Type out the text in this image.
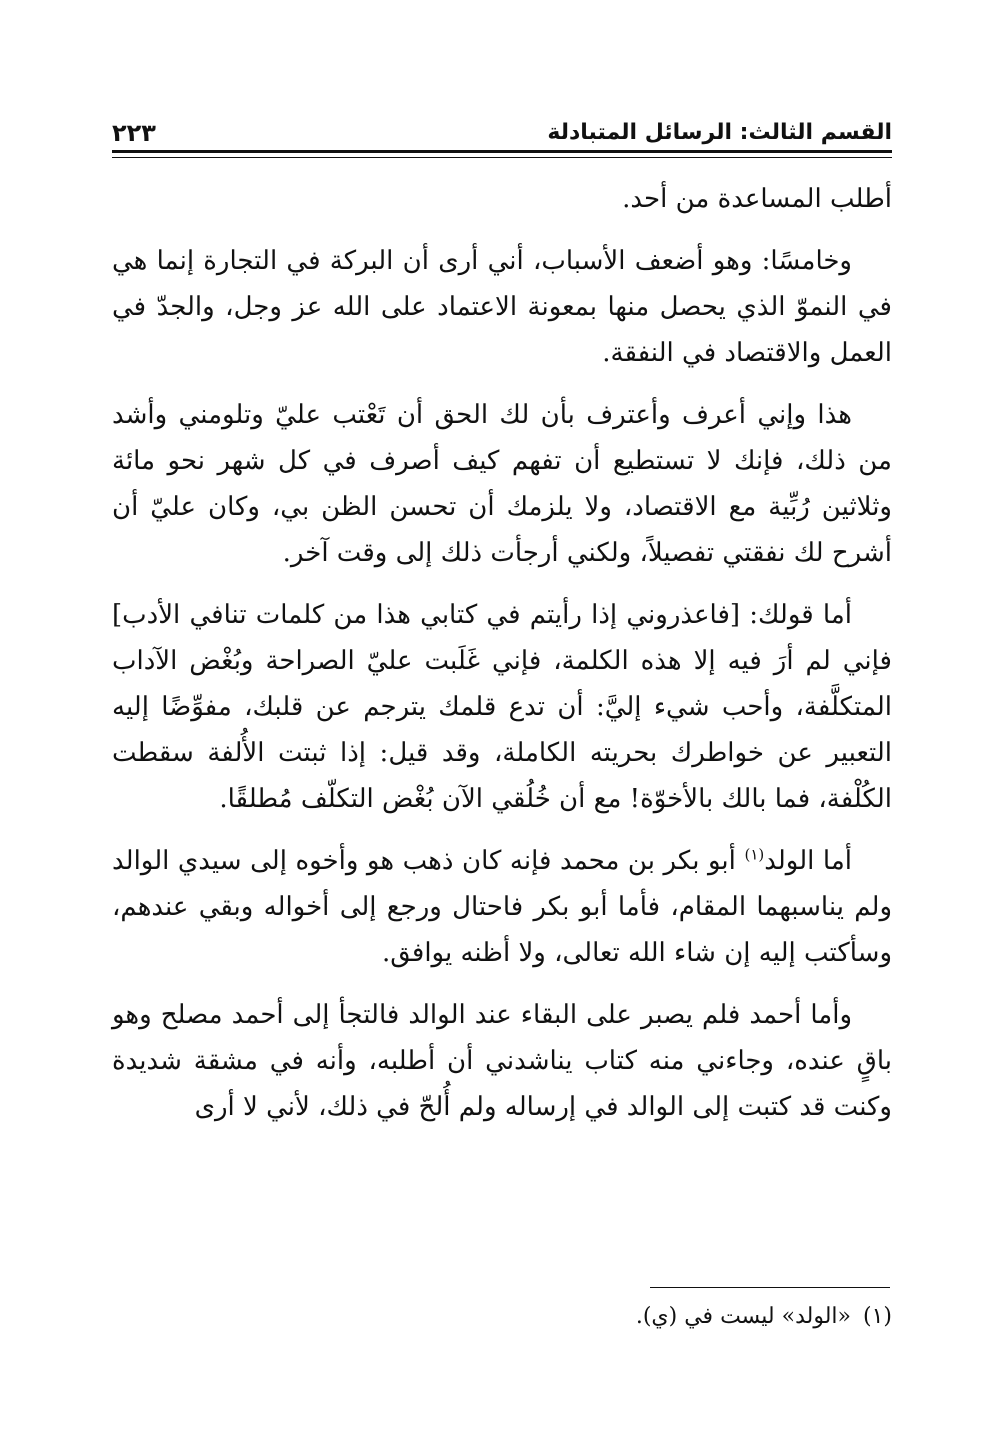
القسم الثالث: الرسائل المتبادلة
٢٢٣

أطلب المساعدة من أحد.

وخامسًا: وهو أضعف الأسباب، أني أرى أن البركة في التجارة إنما هي في النموّ الذي يحصل منها بمعونة الاعتماد على الله عز وجل، والجدّ في العمل والاقتصاد في النفقة.

هذا وإني أعرف وأعترف بأن لك الحق أن تَعْتب عليّ وتلومني وأشد من ذلك، فإنك لا تستطيع أن تفهم كيف أصرف في كل شهر نحو مائة وثلاثين رُبِّية مع الاقتصاد، ولا يلزمك أن تحسن الظن بي، وكان عليّ أن أشرح لك نفقتي تفصيلاً، ولكني أرجأت ذلك إلى وقت آخر.

أما قولك: [فاعذروني إذا رأيتم في كتابي هذا من كلمات تنافي الأدب] فإني لم أرَ فيه إلا هذه الكلمة، فإني غَلَبت عليّ الصراحة وبُغْض الآداب المتكلَّفة، وأحب شيء إليَّ: أن تدع قلمك يترجم عن قلبك، مفوِّضًا إليه التعبير عن خواطرك بحريته الكاملة، وقد قيل: إذا ثبتت الأُلفة سقطت الكُلْفة، فما بالك بالأخوّة! مع أن خُلُقي الآن بُغْض التكلّف مُطلقًا.

أما الولد$^{(١)}$ أبو بكر بن محمد فإنه كان ذهب هو وأخوه إلى سيدي الوالد ولم يناسبهما المقام، فأما أبو بكر فاحتال ورجع إلى أخواله وبقي عندهم، وسأكتب إليه إن شاء الله تعالى، ولا أظنه يوافق.

وأما أحمد فلم يصبر على البقاء عند الوالد فالتجأ إلى أحمد مصلح وهو باقٍ عنده، وجاءني منه كتاب يناشدني أن أطلبه، وأنه في مشقة شديدة وكنت قد كتبت إلى الوالد في إرساله ولم أُلحّ في ذلك، لأني لا أرى

(١)«الولد» ليست في (ي).
